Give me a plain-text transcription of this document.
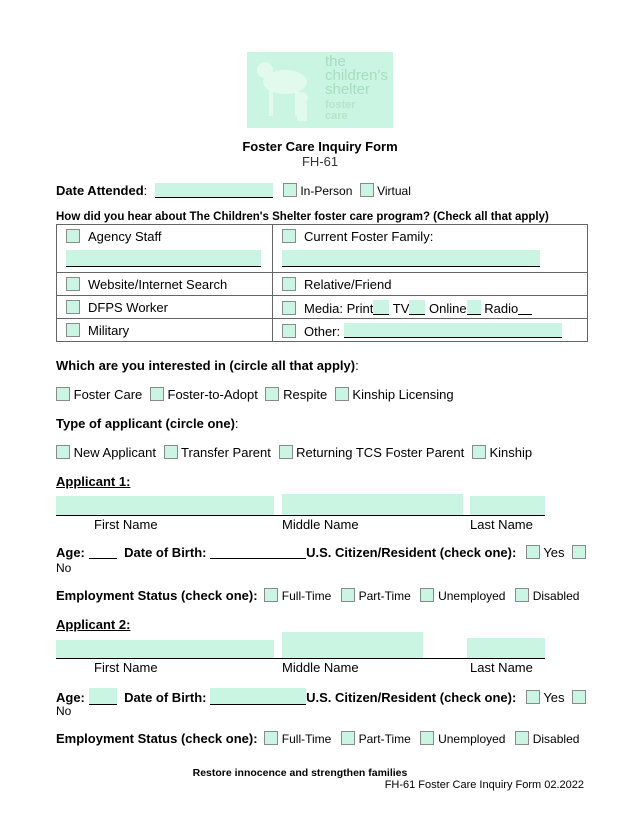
the
children's
shelter
foster
care
Foster Care Inquiry Form
FH-61
Date Attended:	In-Person Virtual
How did you hear about The Children's Shelter foster care program? (Check all that apply)
Agency Staff	Current Foster Family:

Website/Internet Search	Relative/Friend

DFPS Worker	Media: Print TV Online Radio

Military	Other:
Which are you interested in (circle all that apply):
Foster Care Foster-to-Adopt Respite Kinship Licensing
Type of applicant (circle one):
New Applicant Transfer Parent Returning TCS Foster Parent Kinship
Applicant 1:
First Name	Middle Name	Last Name
Age:	Date of Birth:	U.S. Citizen/Resident (check one): Yes
No
Employment Status (check one): Full-Time Part-Time Unemployed Disabled
Applicant 2:
First Name	Middle Name	Last Name
Age:	Date of Birth:	U.S. Citizen/Resident (check one): Yes
No
Employment Status (check one): Full-Time Part-Time Unemployed Disabled
Restore innocence and strengthen families
FH-61 Foster Care Inquiry Form 02.2022
